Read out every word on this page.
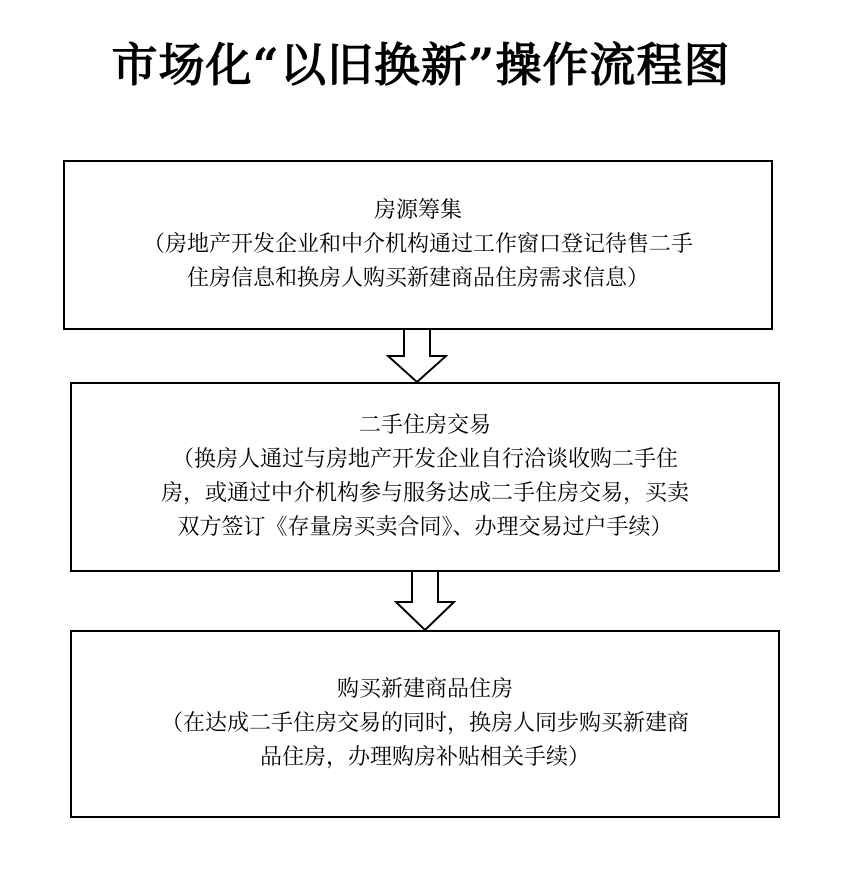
市场化“以旧换新”操作流程图
房源筹集
（房地产开发企业和中介机构通过工作窗口登记待售二手
住房信息和换房人购买新建商品住房需求信息）
二手住房交易
（换房人通过与房地产开发企业自行洽谈收购二手住
房，或通过中介机构参与服务达成二手住房交易，买卖
双方签订《存量房买卖合同》、办理交易过户手续）
购买新建商品住房
（在达成二手住房交易的同时，换房人同步购买新建商
品住房，办理购房补贴相关手续）
